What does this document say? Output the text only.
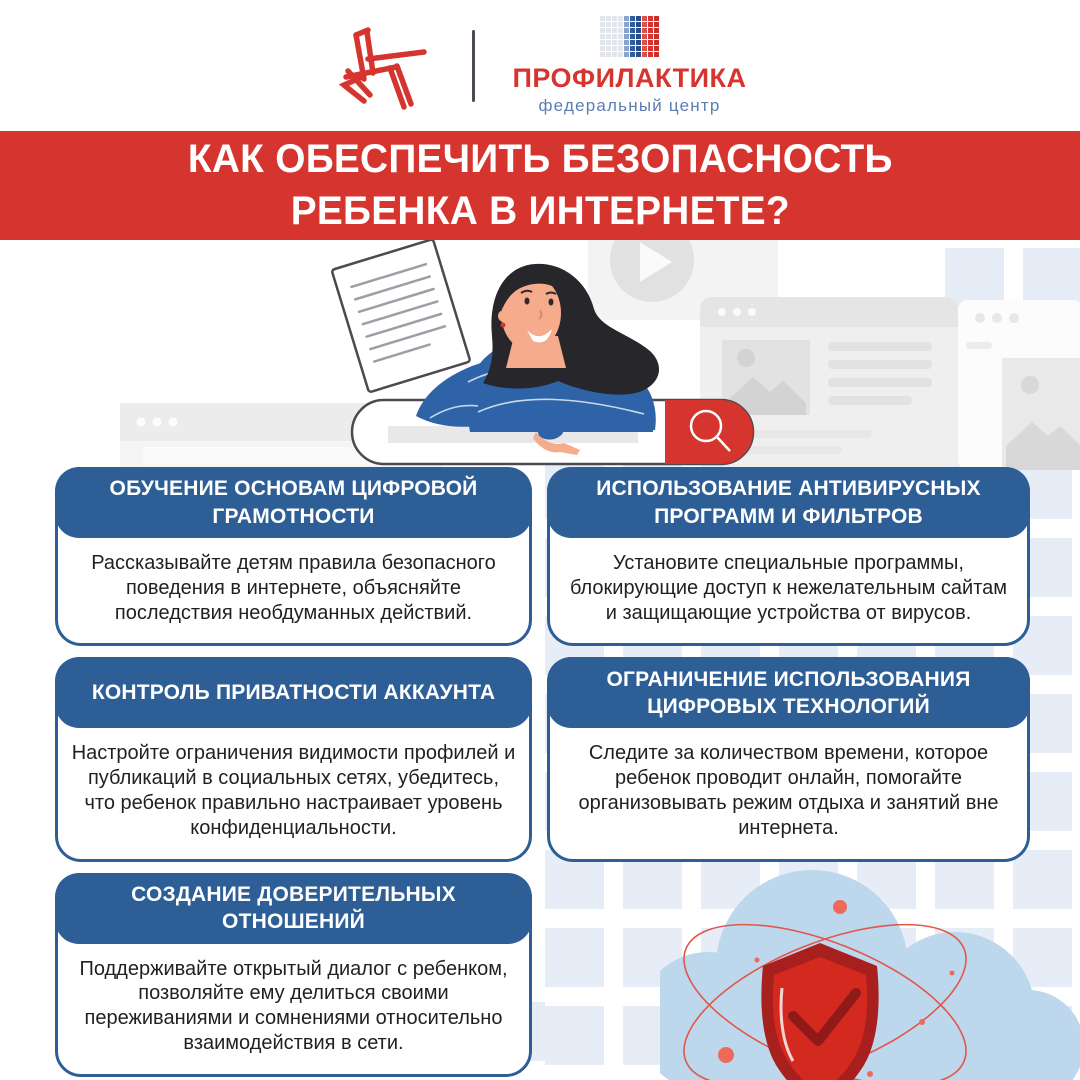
ПРОФИЛАКТИКА
федеральный центр
КАК ОБЕСПЕЧИТЬ БЕЗОПАСНОСТЬ
РЕБЕНКА В ИНТЕРНЕТЕ?
ОБУЧЕНИЕ ОСНОВАМ ЦИФРОВОЙ ГРАМОТНОСТИ
Рассказывайте детям правила безопасного поведения в интернете, объясняйте последствия необдуманных действий.
КОНТРОЛЬ ПРИВАТНОСТИ АККАУНТА
Настройте ограничения видимости профилей и публикаций в социальных сетях, убедитесь, что ребенок правильно настраивает уровень конфиденциальности.
СОЗДАНИЕ ДОВЕРИТЕЛЬНЫХ ОТНОШЕНИЙ
Поддерживайте открытый диалог с ребенком, позволяйте ему делиться своими переживаниями и сомнениями относительно взаимодействия в сети.
ИСПОЛЬЗОВАНИЕ АНТИВИРУСНЫХ ПРОГРАММ И ФИЛЬТРОВ
Установите специальные программы, блокирующие доступ к нежелательным сайтам и защищающие устройства от вирусов.
ОГРАНИЧЕНИЕ ИСПОЛЬЗОВАНИЯ ЦИФРОВЫХ ТЕХНОЛОГИЙ
Следите за количеством времени, которое ребенок проводит онлайн, помогайте организовывать режим отдыха и занятий вне интернета.
